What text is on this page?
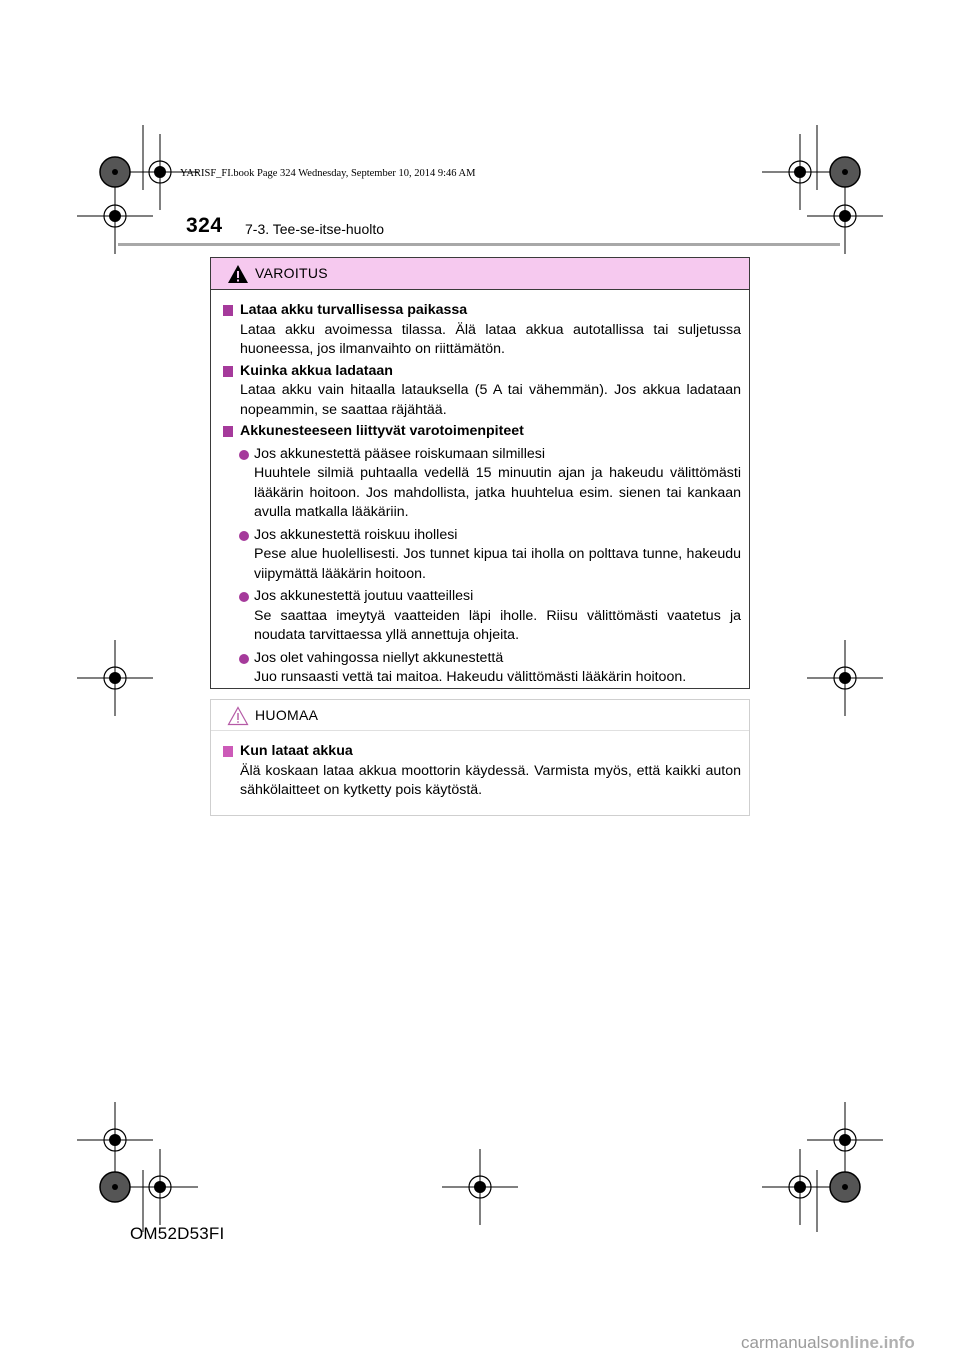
YARISF_FI.book Page 324 Wednesday, September 10, 2014 9:46 AM
324 7-3. Tee-se-itse-huolto
VAROITUS
Lataa akku turvallisessa paikassa
Lataa akku avoimessa tilassa. Älä lataa akkua autotallissa tai suljetussa huoneessa, jos ilmanvaihto on riittämätön.
Kuinka akkua ladataan
Lataa akku vain hitaalla latauksella (5 A tai vähemmän). Jos akkua ladataan nopeammin, se saattaa räjähtää.
Akkunesteeseen liittyvät varotoimenpiteet
Jos akkunestettä pääsee roiskumaan silmillesi
Huuhtele silmiä puhtaalla vedellä 15 minuutin ajan ja hakeudu välittömästi lääkärin hoitoon. Jos mahdollista, jatka huuhtelua esim. sienen tai kankaan avulla matkalla lääkäriin.
Jos akkunestettä roiskuu ihollesi
Pese alue huolellisesti. Jos tunnet kipua tai iholla on polttava tunne, hakeudu viipymättä lääkärin hoitoon.
Jos akkunestettä joutuu vaatteillesi
Se saattaa imeytyä vaatteiden läpi iholle. Riisu välittömästi vaatetus ja noudata tarvittaessa yllä annettuja ohjeita.
Jos olet vahingossa niellyt akkunestettä
Juo runsaasti vettä tai maitoa. Hakeudu välittömästi lääkärin hoitoon.
HUOMAA
Kun lataat akkua
Älä koskaan lataa akkua moottorin käydessä. Varmista myös, että kaikki auton sähkölaitteet on kytketty pois käytöstä.
OM52D53FI
carmanualsonline.info
